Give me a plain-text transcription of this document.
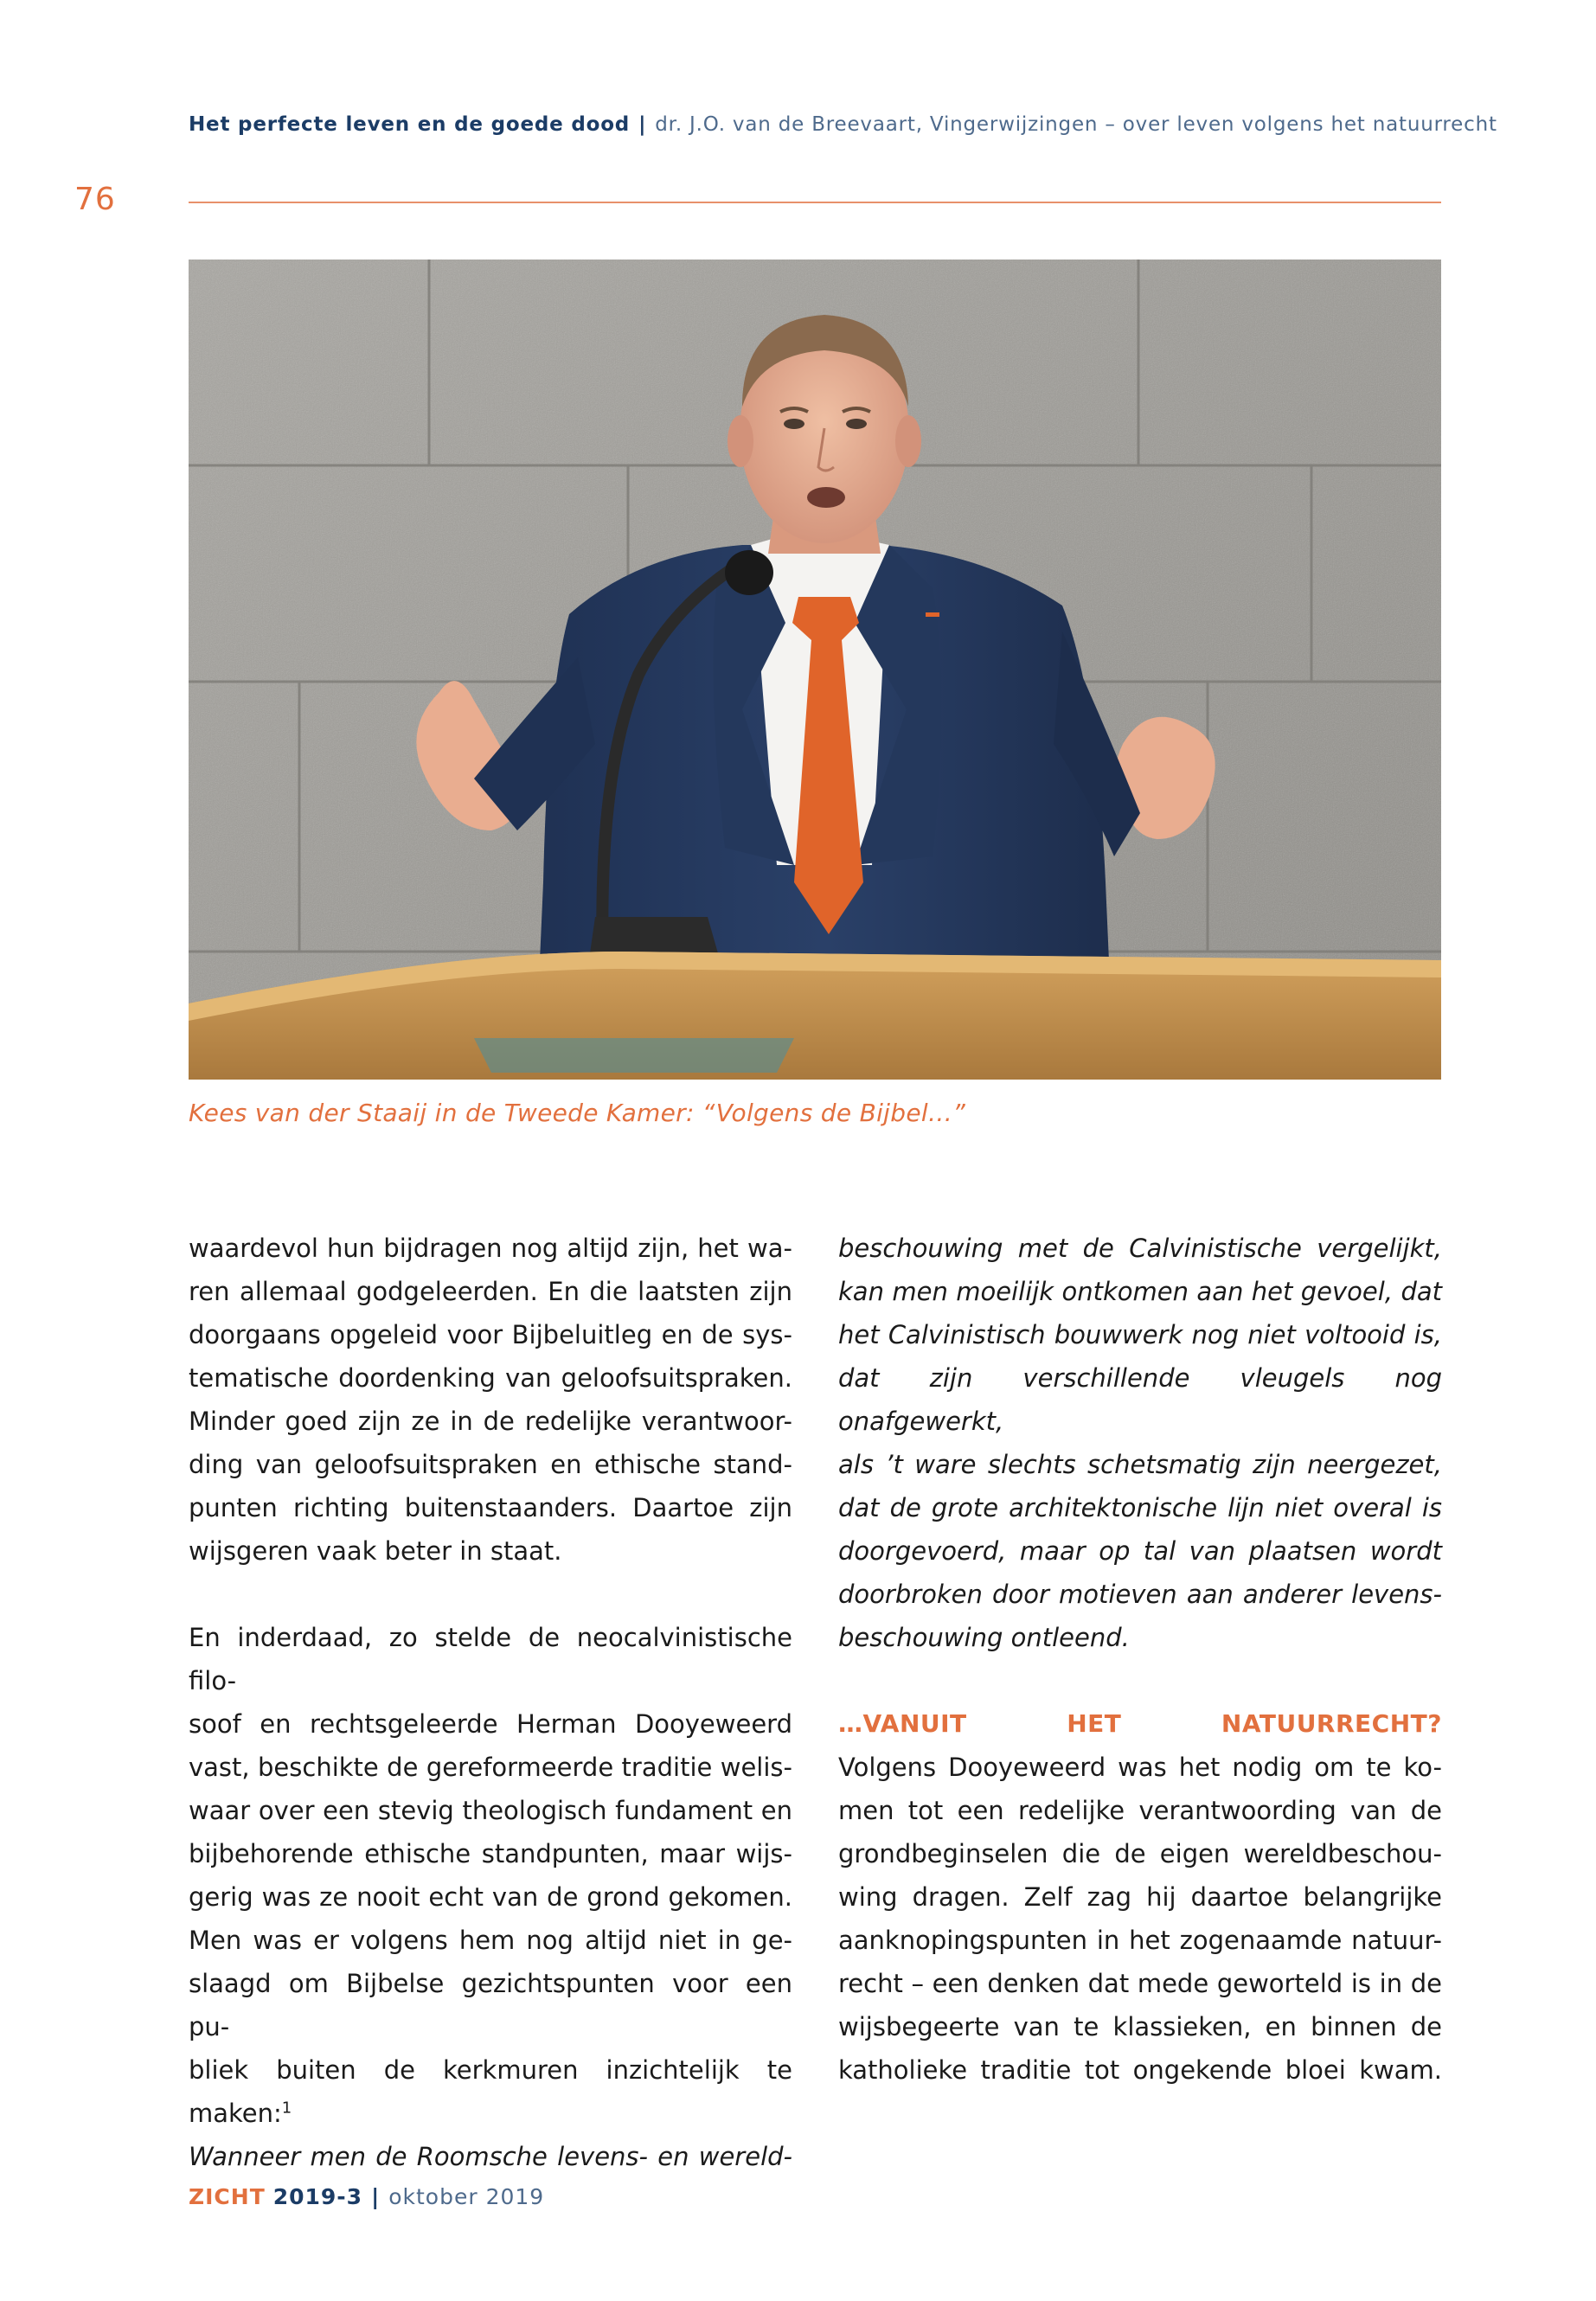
Het perfecte leven en de goede dood | dr. J.O. van de Breevaart, Vingerwijzingen – over leven volgens het natuurrecht
76
Kees van der Staaij in de Tweede Kamer: “Volgens de Bijbel…”

waardevol hun bijdragen nog altijd zijn, het wa-

ren allemaal godgeleerden. En die laatsten zijn

doorgaans opgeleid voor Bijbeluitleg en de sys-

tematische doordenking van geloofsuitspraken.

Minder goed zijn ze in de redelijke verantwoor-

ding van geloofsuitspraken en ethische stand-

punten richting buitenstaanders. Daartoe zijn

wijsgeren vaak beter in staat.

En inderdaad, zo stelde de neocalvinistische filo-

soof en rechtsgeleerde Herman Dooyeweerd

vast, beschikte de gereformeerde traditie welis-

waar over een stevig theologisch fundament en

bijbehorende ethische standpunten, maar wijs-

gerig was ze nooit echt van de grond gekomen.

Men was er volgens hem nog altijd niet in ge-

slaagd om Bijbelse gezichtspunten voor een pu-

bliek buiten de kerkmuren inzichtelijk te maken:$^1$

Wanneer men de Roomsche levens- en wereld-

beschouwing met de Calvinistische vergelijkt,

kan men moeilijk ontkomen aan het gevoel, dat

het Calvinistisch bouwwerk nog niet voltooid is,

dat zijn verschillende vleugels nog onafgewerkt,

als ’t ware slechts schetsmatig zijn neergezet,

dat de grote architektonische lijn niet overal is

doorgevoerd, maar op tal van plaatsen wordt

doorbroken door motieven aan anderer levens-

beschouwing ontleend.

…VANUIT HET NATUURRECHT?

Volgens Dooyeweerd was het nodig om te ko-

men tot een redelijke verantwoording van de

grondbeginselen die de eigen wereldbeschou-

wing dragen. Zelf zag hij daartoe belangrijke

aanknopingspunten in het zogenaamde natuur-

recht – een denken dat mede geworteld is in de

wijsbegeerte van te klassieken, en binnen de

katholieke traditie tot ongekende bloei kwam.

ZICHT 2019-3 | oktober 2019
